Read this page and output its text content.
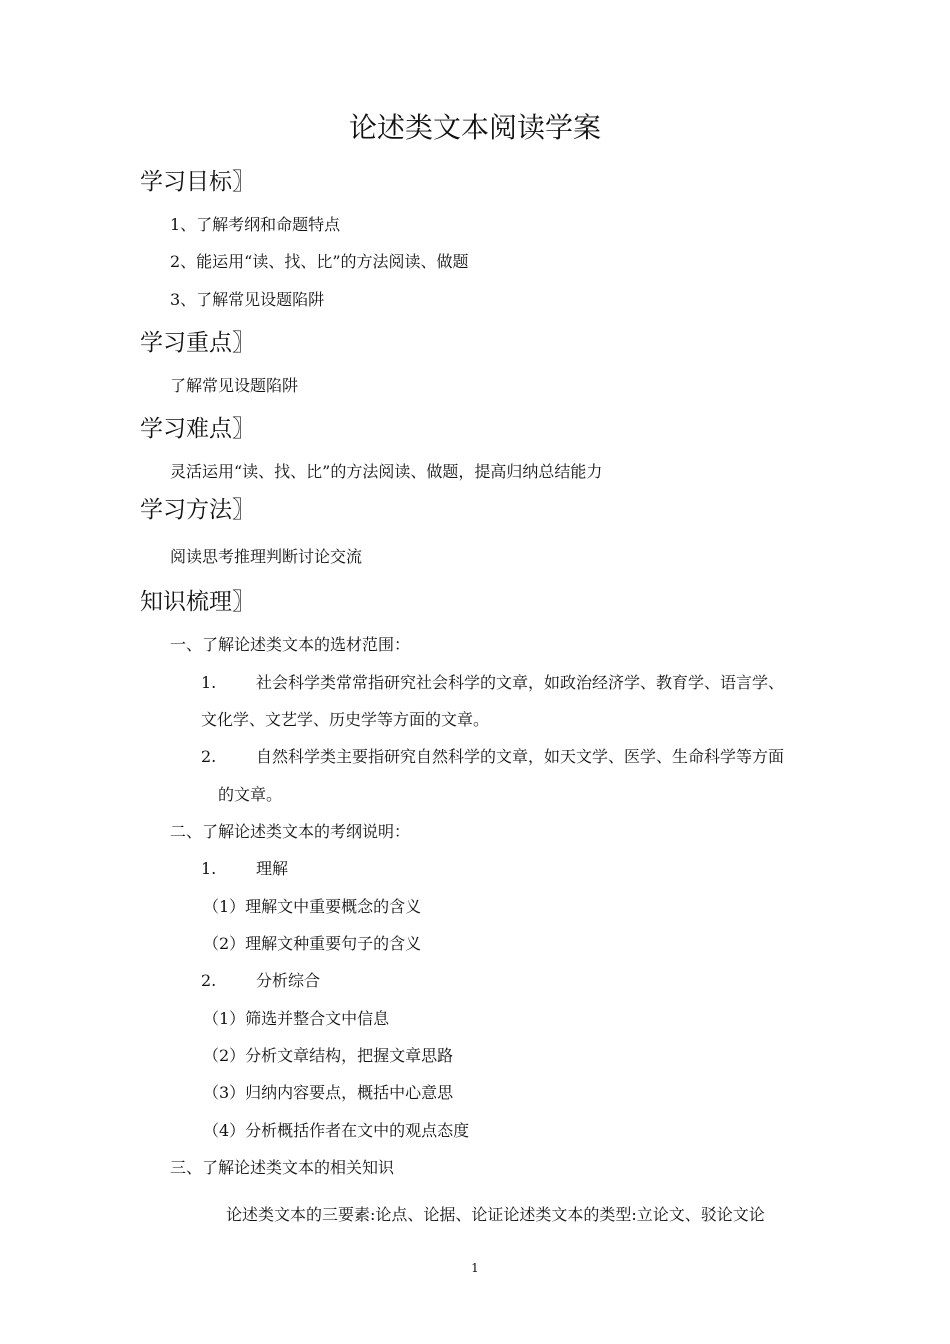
论述类文本阅读学案
学习目标〗
1、了解考纲和命题特点
2、能运用“读、找、比”的方法阅读、做题
3、了解常见设题陷阱
学习重点〗
了解常见设题陷阱
学习难点〗
灵活运用“读、找、比”的方法阅读、做题，提高归纳总结能力
学习方法〗
阅读思考推理判断讨论交流
知识梳理〗
一、了解论述类文本的选材范围：
1. 社会科学类常常指研究社会科学的文章，如政治经济学、教育学、语言学、
文化学、文艺学、历史学等方面的文章。
2. 自然科学类主要指研究自然科学的文章，如天文学、医学、生命科学等方面
的文章。
二、了解论述类文本的考纲说明：
1. 理解
（1）理解文中重要概念的含义
（2）理解文种重要句子的含义
2. 分析综合
（1）筛选并整合文中信息
（2）分析文章结构，把握文章思路
（3）归纳内容要点，概括中心意思
（4）分析概括作者在文中的观点态度
三、了解论述类文本的相关知识
论述类文本的三要素:论点、论据、论证论述类文本的类型:立论文、驳论文论
1
